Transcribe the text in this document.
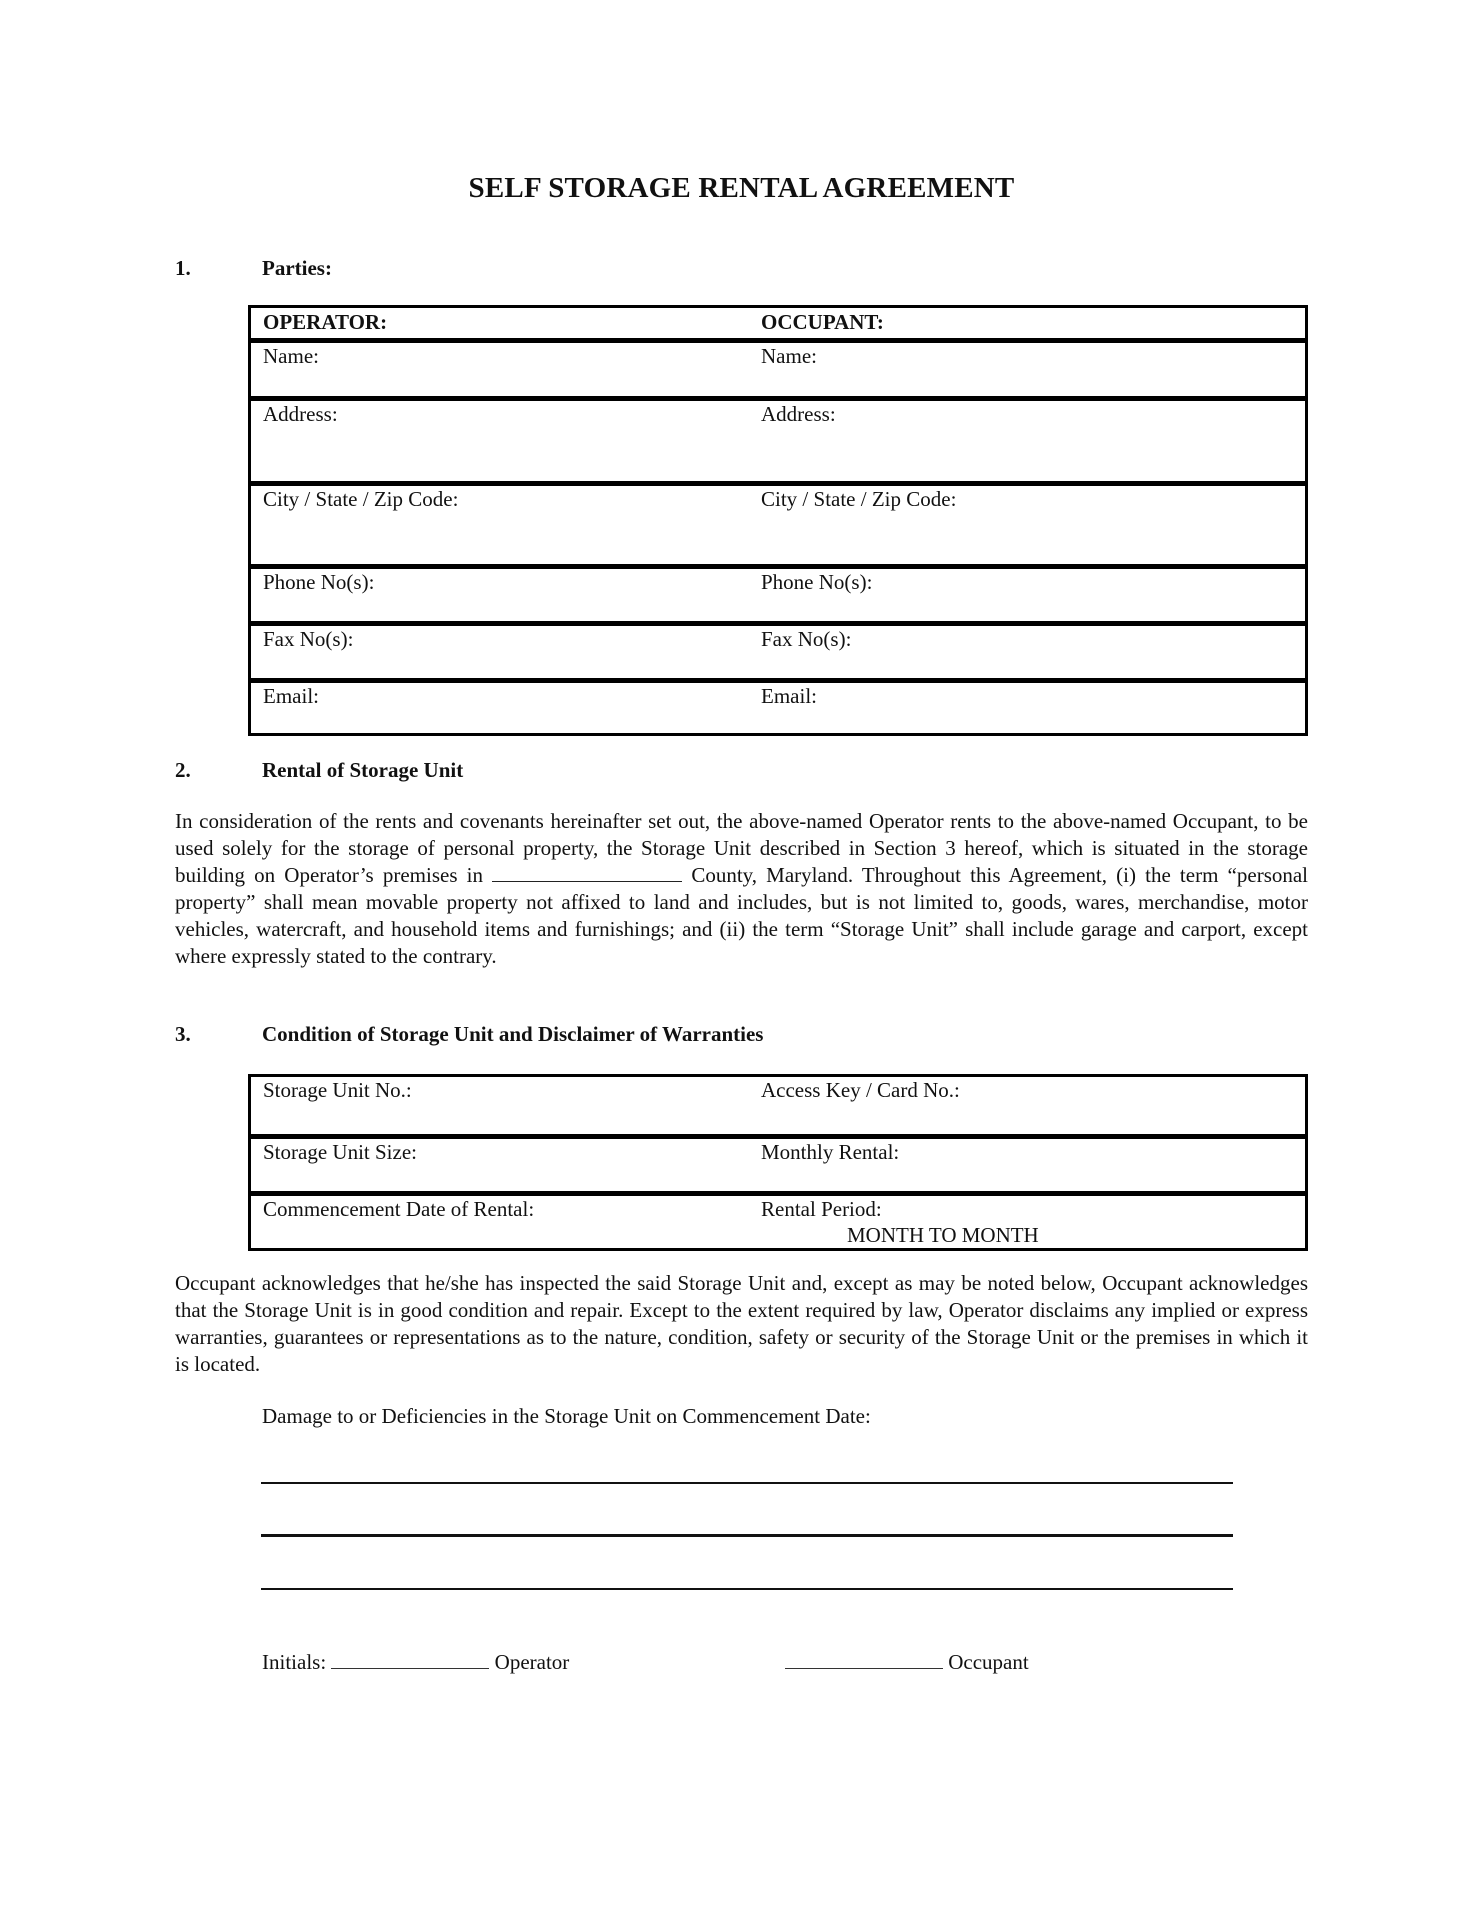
SELF STORAGE RENTAL AGREEMENT
1.	Parties:
OPERATOR:	OCCUPANT:
Name:	Name:
Address:	Address:
City / State / Zip Code:	City / State / Zip Code:
Phone No(s):	Phone No(s):
Fax No(s):	Fax No(s):
Email:	Email:
2.	Rental of Storage Unit
In consideration of the rents and covenants hereinafter set out, the above-named Operator rents to the above-named Occupant, to be used solely for the storage of personal property, the Storage Unit described in Section 3 hereof, which is situated in the storage building on Operator’s premises in	County, Maryland. Throughout this Agreement, (i) the term “personal property” shall mean movable property not affixed to land and includes, but is not limited to, goods, wares, merchandise, motor vehicles, watercraft, and household items and furnishings; and (ii) the term “Storage Unit” shall include garage and carport, except where expressly stated to the contrary.
3.	Condition of Storage Unit and Disclaimer of Warranties
Storage Unit No.:	Access Key / Card No.:
Storage Unit Size:	Monthly Rental:
Commencement Date of Rental:	Rental Period:
MONTH TO MONTH
Occupant acknowledges that he/she has inspected the said Storage Unit and, except as may be noted below, Occupant acknowledges that the Storage Unit is in good condition and repair. Except to the extent required by law, Operator disclaims any implied or express warranties, guarantees or representations as to the nature, condition, safety or security of the Storage Unit or the premises in which it is located.
Damage to or Deficiencies in the Storage Unit on Commencement Date:
Initials:	Operator	Occupant
